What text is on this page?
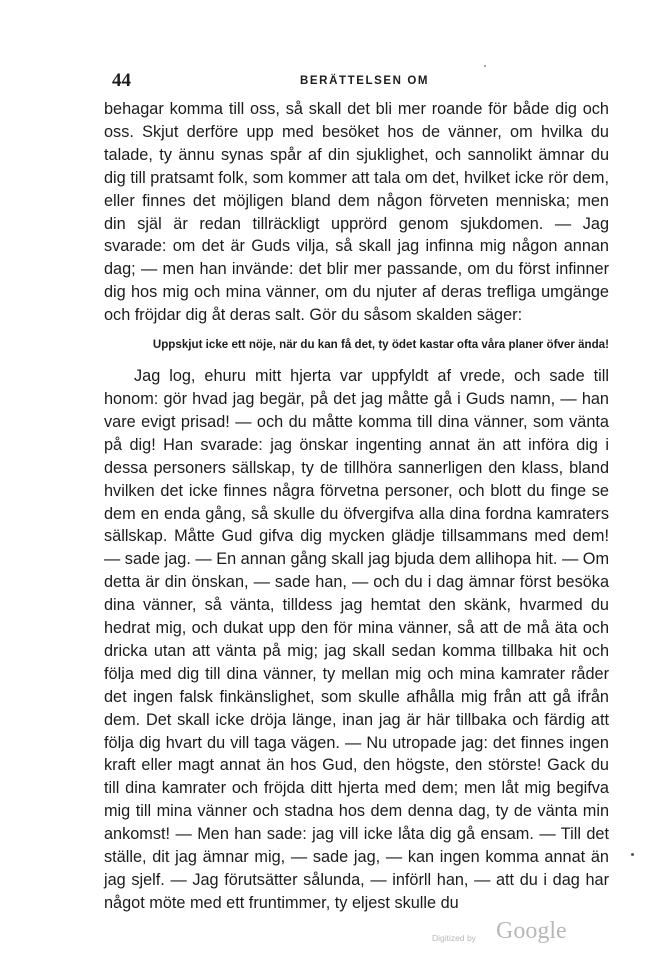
44	BERÄTTELSEN OM

behagar komma till oss, så skall det bli mer roande för både dig och oss. Skjut derföre upp med besöket hos de vänner, om hvilka du talade, ty ännu synas spår af din sjuklighet, och sannolikt ämnar du dig till pratsamt folk, som kommer att tala om det, hvilket icke rör dem, eller finnes det möjligen bland dem någon förveten menniska; men din själ är redan tillräckligt upprörd genom sjukdomen. — Jag svarade: om det är Guds vilja, så skall jag infinna mig någon annan dag; — men han invände: det blir mer passande, om du först infinner dig hos mig och mina vänner, om du njuter af deras trefliga umgänge och fröjdar dig åt deras salt. Gör du såsom skalden säger:

Uppskjut icke ett nöje, när du kan få det, ty ödet kastar ofta våra planer öfver ända!

Jag log, ehuru mitt hjerta var uppfyldt af vrede, och sade till honom: gör hvad jag begär, på det jag måtte gå i Guds namn, — han vare evigt prisad! — och du måtte komma till dina vänner, som vänta på dig! Han svarade: jag önskar ingenting annat än att införa dig i dessa personers sällskap, ty de tillhöra sannerligen den klass, bland hvilken det icke finnes några förvetna personer, och blott du finge se dem en enda gång, så skulle du öfvergifva alla dina fordna kamraters sällskap. Måtte Gud gifva dig mycken glädje tillsammans med dem! — sade jag. — En annan gång skall jag bjuda dem allihopa hit. — Om detta är din önskan, — sade han, — och du i dag ämnar först besöka dina vänner, så vänta, tilldess jag hemtat den skänk, hvarmed du hedrat mig, och dukat upp den för mina vänner, så att de må äta och dricka utan att vänta på mig; jag skall sedan komma tillbaka hit och följa med dig till dina vänner, ty mellan mig och mina kamrater råder det ingen falsk finkänslighet, som skulle afhålla mig från att gå ifrån dem. Det skall icke dröja länge, inan jag är här tillbaka och färdig att följa dig hvart du vill taga vägen. — Nu utropade jag: det finnes ingen kraft eller magt annat än hos Gud, den högste, den störste! Gack du till dina kamrater och fröjda ditt hjerta med dem; men låt mig begifva mig till mina vänner och stadna hos dem denna dag, ty de vänta min ankomst! — Men han sade: jag vill icke låta dig gå ensam. — Till det ställe, dit jag ämnar mig, — sade jag, — kan ingen komma annat än jag sjelf. — Jag förutsätter sålunda, — införll han, — att du i dag har något möte med ett fruntimmer, ty eljest skulle du

Digitized by Google
